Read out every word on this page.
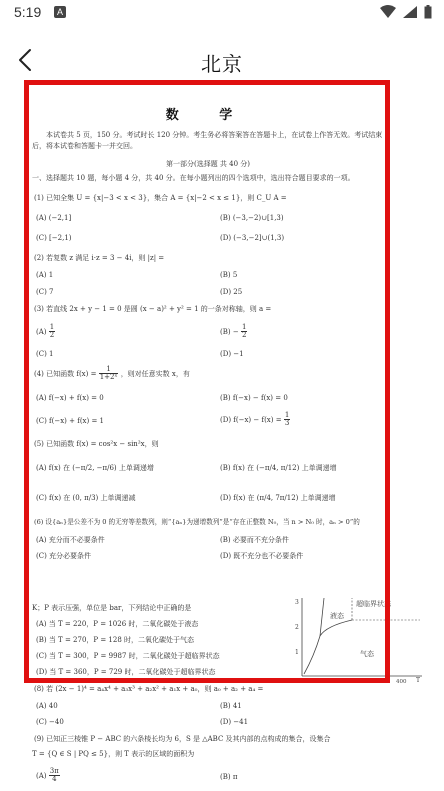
5:19	A
北京
数 学
本试卷共 5 页，150 分。考试时长 120 分钟。考生务必将答案答在答题卡上，在试卷上作答无效。考试结束后，将本试卷和答题卡一并交回。
第一部分(选择题 共 40 分)
一、选择题共 10 题，每小题 4 分，共 40 分。在每小题列出的四个选项中，选出符合题目要求的一项。
(1) 已知全集 U = {x|−3 < x < 3}，集合 A = {x|−2 < x ≤ 1}，则 C_U A =
(A) (−2,1]	(B) (−3,−2)∪[1,3)
(C) [−2,1)	(D) (−3,−2]∪(1,3)
(2) 若复数 z 满足 i·z = 3 − 4i，则 |z| =
(A) 1	(B) 5
(C) 7	(D) 25
(3) 若直线 2x + y − 1 = 0 是圆 (x − a)² + y² = 1 的一条对称轴，则 a =
$(A) \frac{1}{2}$	$(B) - \frac{1}{2}$
(C) 1	(D) −1
(4) 已知函数 $f(x) = \frac{1}{\text{1+2ˣ}}$ ，则对任意实数 x，有
(A) f(−x) + f(x) = 0	(B) f(−x) − f(x) = 0
(C) f(−x) + f(x) = 1	(D) $f(-x) - f(x) = \frac{1}{3}$
(5) 已知函数 f(x) = cos²x − sin²x，则
(A) f(x) 在 (−π/2, −π/6) 上单调递增	(B) f(x) 在 (−π/4, π/12) 上单调递增
(C) f(x) 在 (0, π/3) 上单调递减	(D) f(x) 在 (π/4, 7π/12) 上单调递增
(6) 设{aₙ}是公差不为 0 的无穷等差数列，则“{aₙ}为递增数列”是“存在正整数 N₀，当 n > N₀ 时，aₙ > 0”的
(A) 充分而不必要条件	(B) 必要而不充分条件
(C) 充分必要条件	(D) 既不充分也不必要条件
K；P 表示压强，单位是 bar，下列结论中正确的是
(A) 当 T = 220，P = 1026 时，二氧化碳处于液态
(B) 当 T = 270，P = 128 时，二氧化碳处于气态
(C) 当 T = 300，P = 9987 时，二氧化碳处于超临界状态
(D) 当 T = 360，P = 729 时，二氧化碳处于超临界状态
(8) 若 (2x − 1)⁴ = a₄x⁴ + a₃x³ + a₂x² + a₁x + a₀，则 a₀ + a₂ + a₄ =
(A) 40	(B) 41
(C) −40	(D) −41
(9) 已知正三棱锥 P − ABC 的六条棱长均为 6，S 是 △ABC 及其内部的点构成的集合，设集合
T = {Q ∈ S | PQ ≤ 5}，则 T 表示的区域的面积为
$(A) \frac{3\pi}{4}$	(B) π
3
2
1
200 250 300 350 400 T
液态
超临界状态
气态
